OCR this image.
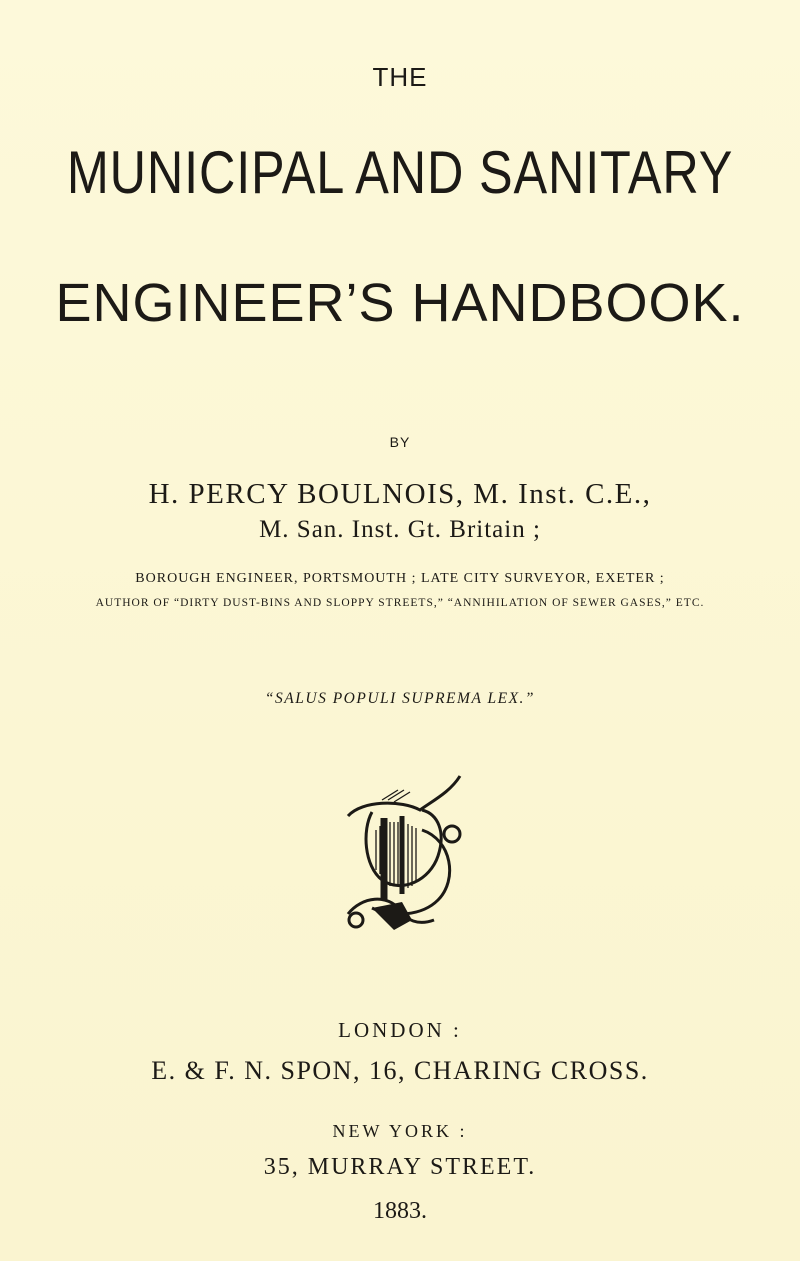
THE
MUNICIPAL AND SANITARY
ENGINEER’S HANDBOOK.
BY
H. PERCY BOULNOIS, M. Inst. C.E.,
M. San. Inst. Gt. Britain ;
BOROUGH ENGINEER, PORTSMOUTH ; LATE CITY SURVEYOR, EXETER ;
AUTHOR OF “DIRTY DUST-BINS AND SLOPPY STREETS,” “ANNIHILATION OF SEWER GASES,” ETC.
“SALUS POPULI SUPREMA LEX.”
LONDON :
E. & F. N. SPON, 16, CHARING CROSS.
NEW YORK :
35, MURRAY STREET.
1883.
